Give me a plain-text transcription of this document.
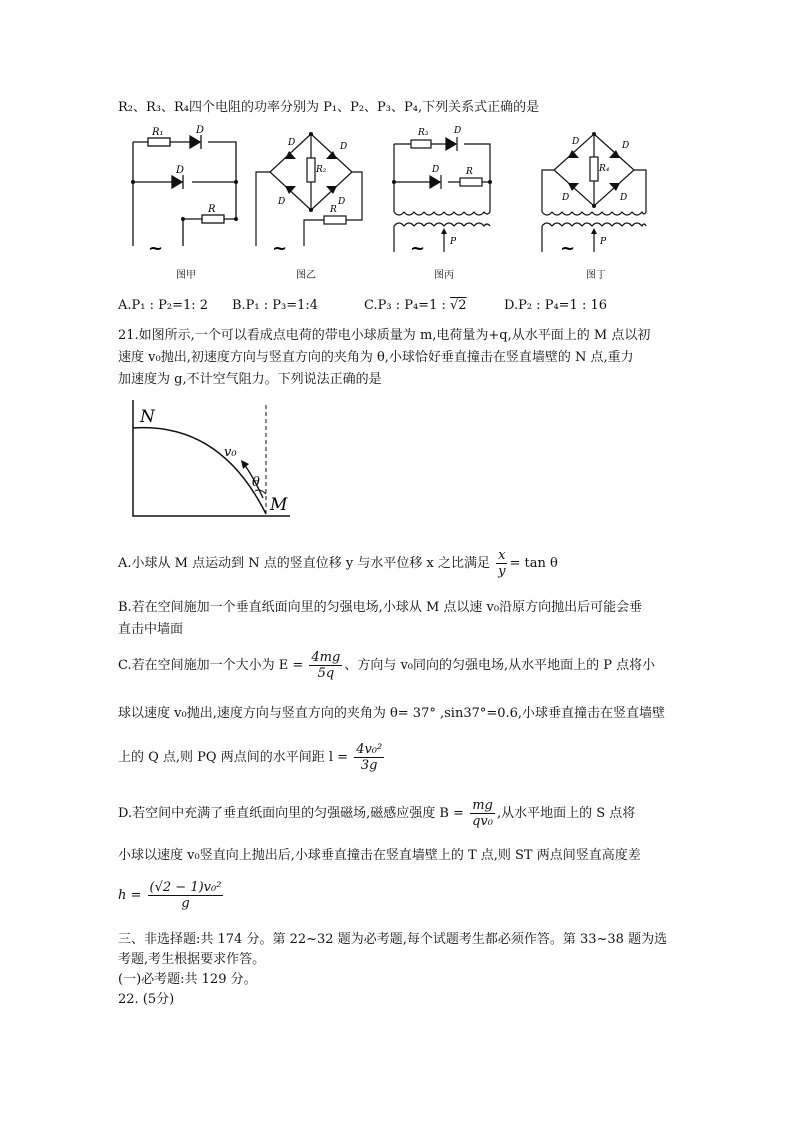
R₂、R₃、R₄四个电阻的功率分别为 P₁、P₂、P₃、P₄,下列关系式正确的是
R₁	D
D
R
~
图甲
D	D
R₂
D	D
R
~
图乙
R₃	D
D	R
P
~
图丙
D	D
R₄
D	D
P
~
图丁
A.P₁ : P₂=1: 2 B.P₁ : P₃=1:4	C.P₃ : P₄=1 : √2	D.P₂ : P₄=1 : 16
21.如图所示,一个可以看成点电荷的带电小球质量为 m,电荷量为+q,从水平面上的 M 点以初
速度 v₀抛出,初速度方向与竖直方向的夹角为 θ,小球恰好垂直撞击在竖直墙壁的 N 点,重力
加速度为 g,不计空气阻力。下列说法正确的是
N
M
v₀
θ
A.小球从 M 点运动到 N 点的竖直位移 y 与水平位移 x 之比满足 $\frac{x}{y} = \tan \theta$
B.若在空间施加一个垂直纸面向里的匀强电场,小球从 M 点以速 v₀沿原方向抛出后可能会垂
直击中墙面
C.若在空间施加一个大小为 $E = \frac{4mg}{5q}$ 、方向与 v₀同向的匀强电场,从水平地面上的 P 点将小
球以速度 v₀抛出,速度方向与竖直方向的夹角为 θ= 37° ,sin37°=0.6,小球垂直撞击在竖直墙壁
上的 Q 点,则 PQ 两点间的水平间距 $l = \frac{\text{4v₀²}}{3g}$
D.若空间中充满了垂直纸面向里的匀强磁场,磁感应强度 $B = \frac{mg}{\text{qv₀}}$ ,从水平地面上的 S 点将
小球以速度 v₀竖直向上抛出后,小球垂直撞击在竖直墙壁上的 T 点,则 ST 两点间竖直高度差
$h = \frac{\text{(√2 − 1)v₀²}}{g}$
三、非选择题:共 174 分。第 22~32 题为必考题,每个试题考生都必须作答。第 33~38 题为选
考题,考生根据要求作答。
(一)必考题:共 129 分。
22. (5分)
